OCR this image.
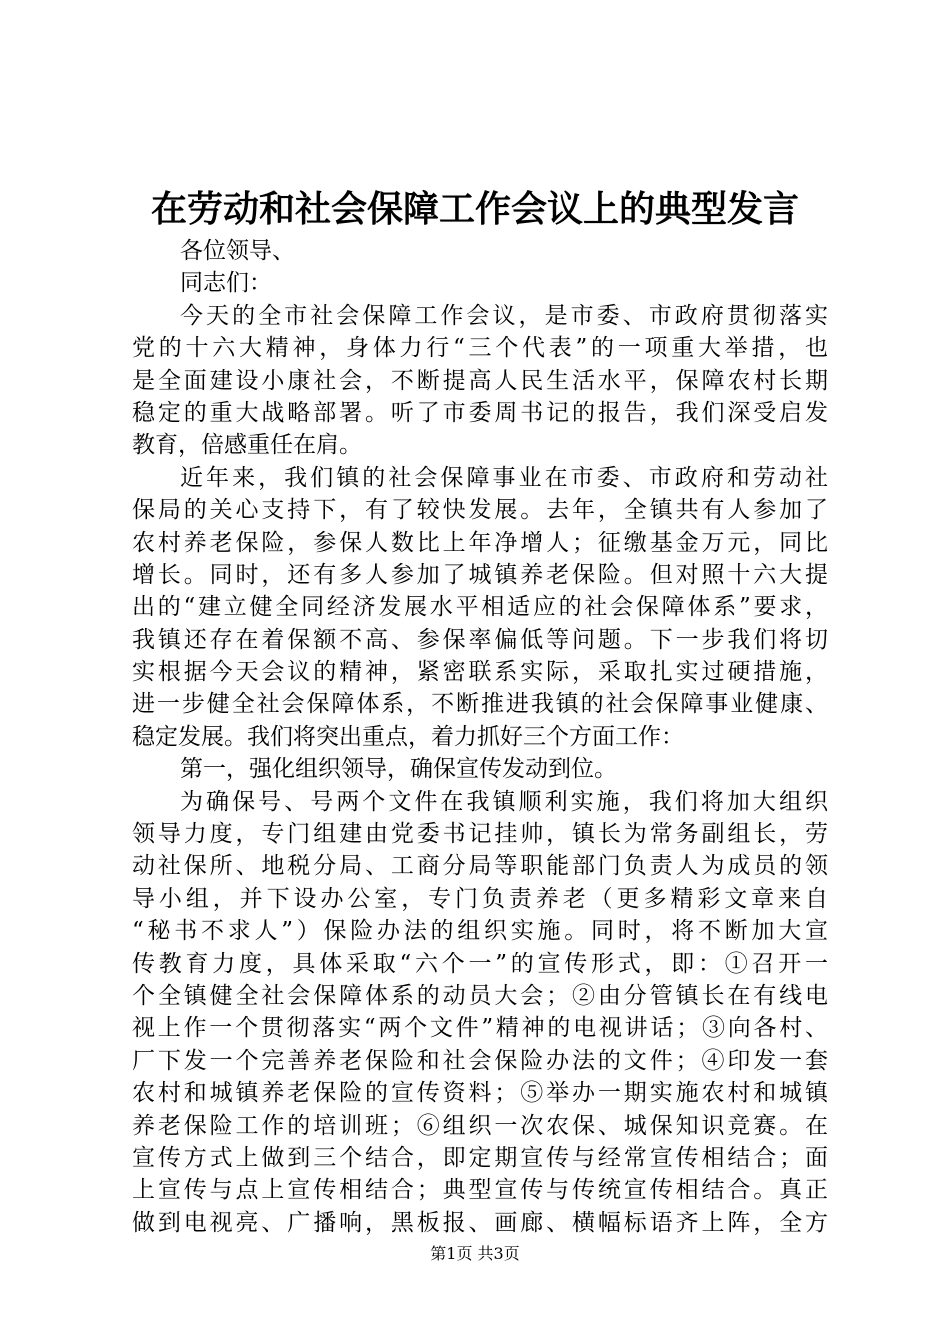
在劳动和社会保障工作会议上的典型发言
各位领导、
同志们：
今天的全市社会保障工作会议，是市委、市政府贯彻落实
党的十六大精神，身体力行“三个代表”的一项重大举措，也
是全面建设小康社会，不断提高人民生活水平，保障农村长期
稳定的重大战略部署。听了市委周书记的报告，我们深受启发
教育，倍感重任在肩。
近年来，我们镇的社会保障事业在市委、市政府和劳动社
保局的关心支持下，有了较快发展。去年，全镇共有人参加了
农村养老保险，参保人数比上年净增人；征缴基金万元，同比
增长。同时，还有多人参加了城镇养老保险。但对照十六大提
出的“建立健全同经济发展水平相适应的社会保障体系”要求，
我镇还存在着保额不高、参保率偏低等问题。下一步我们将切
实根据今天会议的精神，紧密联系实际，采取扎实过硬措施，
进一步健全社会保障体系，不断推进我镇的社会保障事业健康、
稳定发展。我们将突出重点，着力抓好三个方面工作：
第一，强化组织领导，确保宣传发动到位。
为确保号、号两个文件在我镇顺利实施，我们将加大组织
领导力度，专门组建由党委书记挂帅，镇长为常务副组长，劳
动社保所、地税分局、工商分局等职能部门负责人为成员的领
导小组，并下设办公室，专门负责养老（更多精彩文章来自
“秘书不求人”）保险办法的组织实施。同时，将不断加大宣
传教育力度，具体采取“六个一”的宣传形式，即：①召开一
个全镇健全社会保障体系的动员大会；②由分管镇长在有线电
视上作一个贯彻落实“两个文件”精神的电视讲话；③向各村、
厂下发一个完善养老保险和社会保险办法的文件；④印发一套
农村和城镇养老保险的宣传资料；⑤举办一期实施农村和城镇
养老保险工作的培训班；⑥组织一次农保、城保知识竞赛。在
宣传方式上做到三个结合，即定期宣传与经常宣传相结合；面
上宣传与点上宣传相结合；典型宣传与传统宣传相结合。真正
做到电视亮、广播响，黑板报、画廊、横幅标语齐上阵，全方
第1页 共3页
